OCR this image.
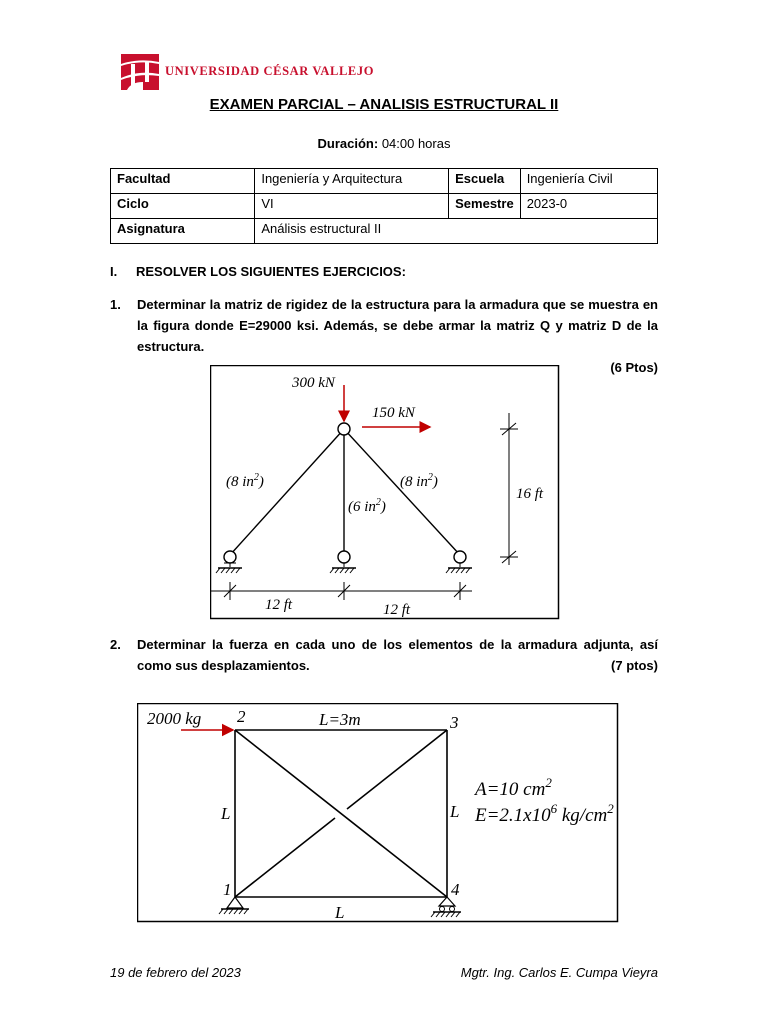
UNIVERSIDAD CÉSAR VALLEJO
EXAMEN PARCIAL – ANALISIS ESTRUCTURAL II
Duración: 04:00 horas
Facultad	Ingeniería y Arquitectura	Escuela	Ingeniería Civil
Ciclo	VI	Semestre	2023-0
Asignatura	Análisis estructural II		
I. RESOLVER LOS SIGUIENTES EJERCICIOS:
1. Determinar la matriz de rigidez de la estructura para la armadura que se muestra en la figura donde E=29000 ksi. Además, se debe armar la matriz Q y matriz D de la estructura.
(6 Ptos)
300 kN
150 kN
(8 $in^2$)
(6 $in^2$)
(8 $in^2$)
16 ft
12 ft	12 ft
2. Determinar la fuerza en cada uno de los elementos de la armadura adjunta, así como sus desplazamientos.	(7 ptos)
2000 kg
1
2	3
4
L=3m
L	L
L
A=10 $cm^2$
$E=2.1x10^6$ $kg/cm^2$
19 de febrero del 2023	Mgtr. Ing. Carlos E. Cumpa Vieyra
